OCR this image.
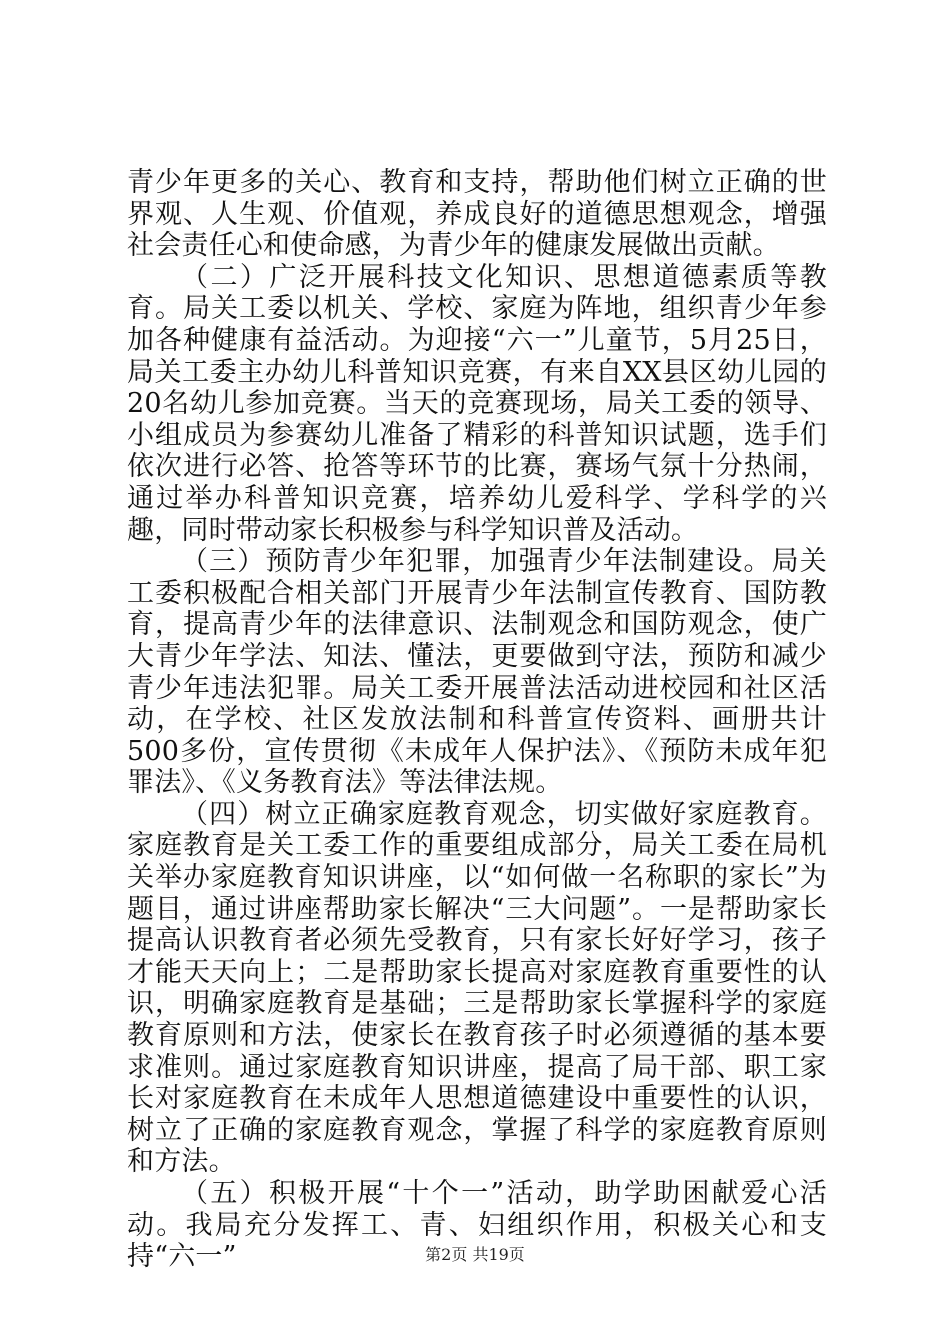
青少年更多的关心、教育和支持，帮助他们树立正确的世界观、人生观、价值观，养成良好的道德思想观念，增强社会责任心和使命感，为青少年的健康发展做出贡献。

（二）广泛开展科技文化知识、思想道德素质等教育。局关工委以机关、学校、家庭为阵地，组织青少年参加各种健康有益活动。为迎接“六一”儿童节，5月25日，局关工委主办幼儿科普知识竞赛，有来自XX县区幼儿园的20名幼儿参加竞赛。当天的竞赛现场，局关工委的领导、小组成员为参赛幼儿准备了精彩的科普知识试题，选手们依次进行必答、抢答等环节的比赛，赛场气氛十分热闹，通过举办科普知识竞赛，培养幼儿爱科学、学科学的兴趣，同时带动家长积极参与科学知识普及活动。

（三）预防青少年犯罪，加强青少年法制建设。局关工委积极配合相关部门开展青少年法制宣传教育、国防教育，提高青少年的法律意识、法制观念和国防观念，使广大青少年学法、知法、懂法，更要做到守法，预防和减少青少年违法犯罪。局关工委开展普法活动进校园和社区活动，在学校、社区发放法制和科普宣传资料、画册共计500多份，宣传贯彻《未成年人保护法》、《预防未成年犯罪法》、《义务教育法》等法律法规。

（四）树立正确家庭教育观念，切实做好家庭教育。家庭教育是关工委工作的重要组成部分，局关工委在局机关举办家庭教育知识讲座，以“如何做一名称职的家长”为题目，通过讲座帮助家长解决“三大问题”。一是帮助家长提高认识教育者必须先受教育，只有家长好好学习，孩子才能天天向上；二是帮助家长提高对家庭教育重要性的认识，明确家庭教育是基础；三是帮助家长掌握科学的家庭教育原则和方法，使家长在教育孩子时必须遵循的基本要求准则。通过家庭教育知识讲座，提高了局干部、职工家长对家庭教育在未成年人思想道德建设中重要性的认识，树立了正确的家庭教育观念，掌握了科学的家庭教育原则和方法。

（五）积极开展“十个一”活动，助学助困献爱心活动。我局充分发挥工、青、妇组织作用，积极关心和支持“六一”	第2页 共19页
